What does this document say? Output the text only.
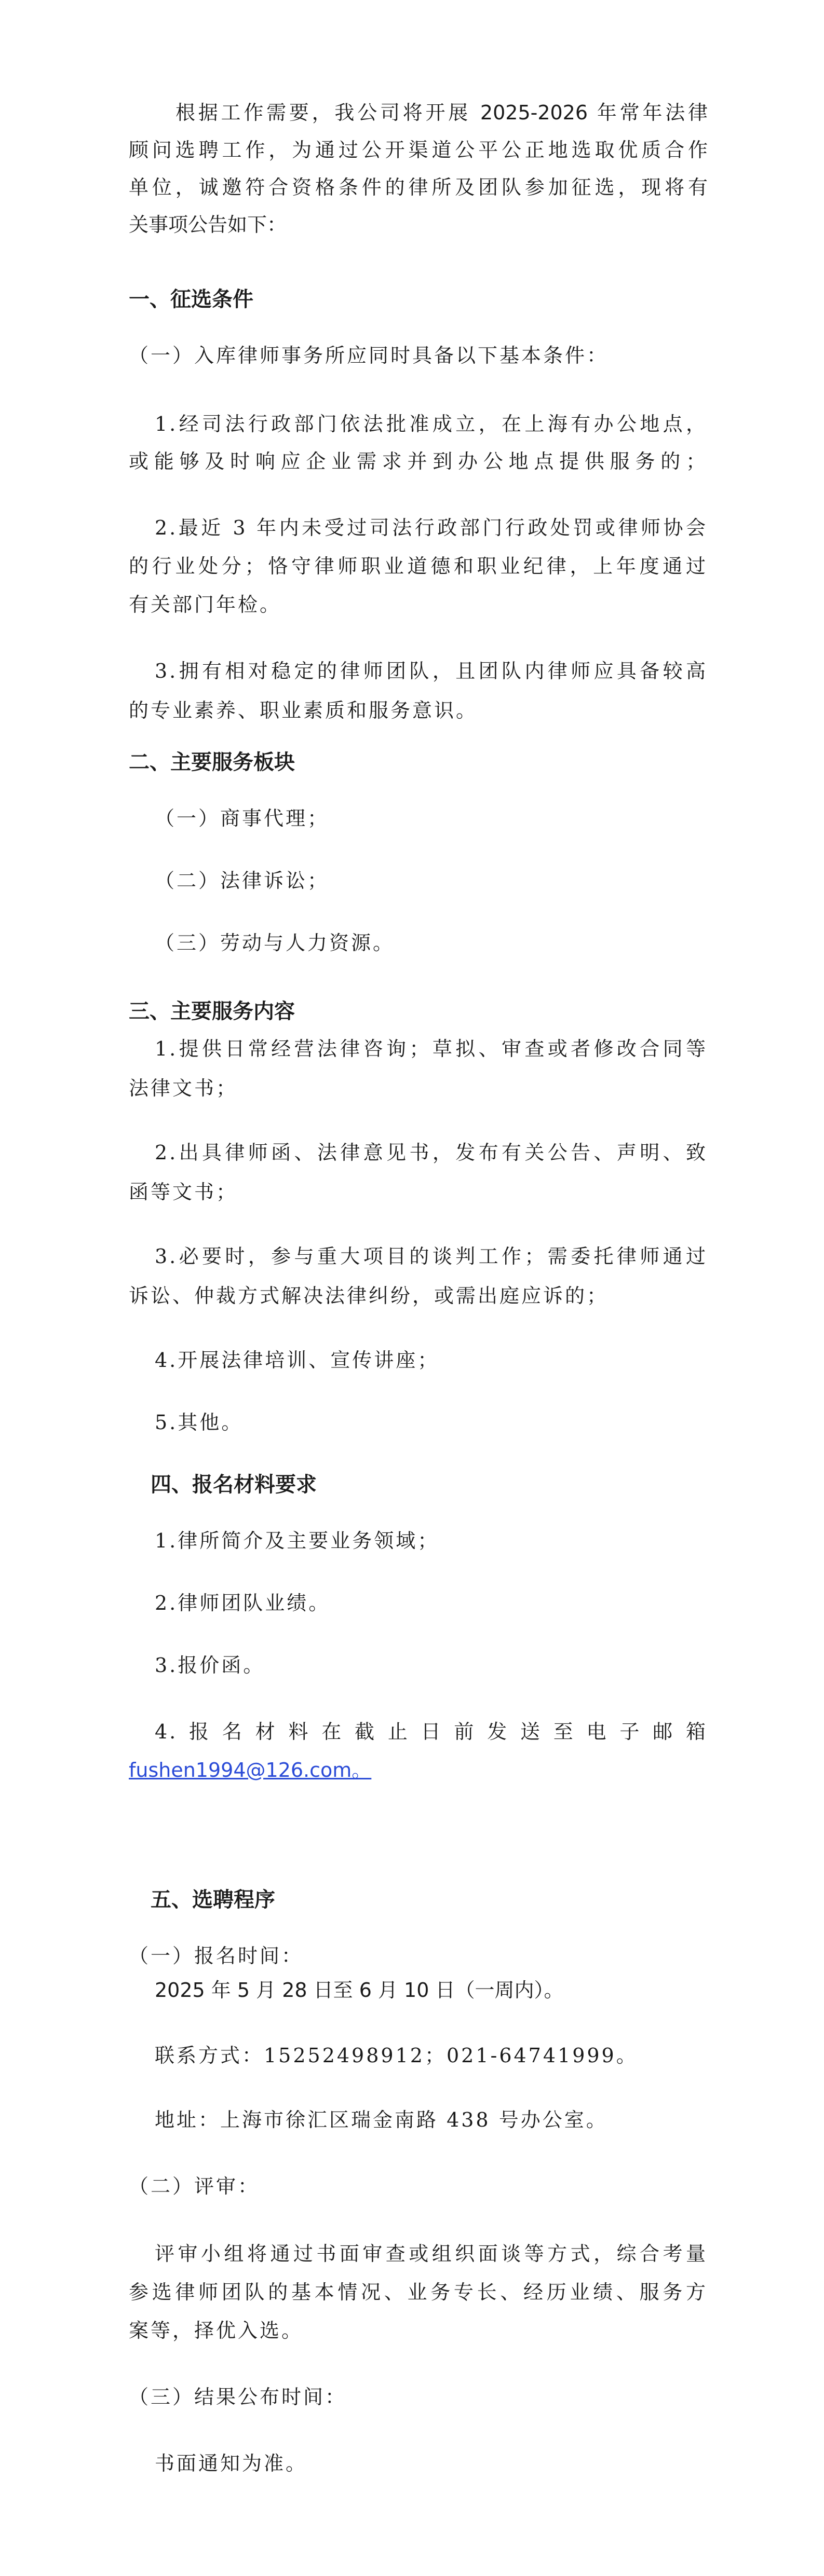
根据工作需要，我公司将开展 2025-2026 年常年法律

顾问选聘工作，为通过公开渠道公平公正地选取优质合作

单位，诚邀符合资格条件的律所及团队参加征选，现将有

关事项公告如下：

一、征选条件

（一）入库律师事务所应同时具备以下基本条件：

1.经司法行政部门依法批准成立，在上海有办公地点，

或能够及时响应企业需求并到办公地点提供服务的；

2.最近 3 年内未受过司法行政部门行政处罚或律师协会

的行业处分；恪守律师职业道德和职业纪律，上年度通过

有关部门年检。

3.拥有相对稳定的律师团队，且团队内律师应具备较高

的专业素养、职业素质和服务意识。

二、主要服务板块

（一）商事代理；

（二）法律诉讼；

（三）劳动与人力资源。

三、主要服务内容

1.提供日常经营法律咨询；草拟、审查或者修改合同等

法律文书；

2.出具律师函、法律意见书，发布有关公告、声明、致

函等文书；

3.必要时，参与重大项目的谈判工作；需委托律师通过

诉讼、仲裁方式解决法律纠纷，或需出庭应诉的；

4.开展法律培训、宣传讲座；

5.其他。

四、报名材料要求

1.律所简介及主要业务领域；

2.律师团队业绩。

3.报价函。

4.报名材料在截止日前发送至电子邮箱

fushen1994@126.com。

五、选聘程序

（一）报名时间：

2025 年 5 月 28 日至 6 月 10 日（一周内）。

联系方式：15252498912；021-64741999。

地址：上海市徐汇区瑞金南路 438 号办公室。

（二）评审：

评审小组将通过书面审查或组织面谈等方式，综合考量

参选律师团队的基本情况、业务专长、经历业绩、服务方

案等，择优入选。

（三）结果公布时间：

书面通知为准。
